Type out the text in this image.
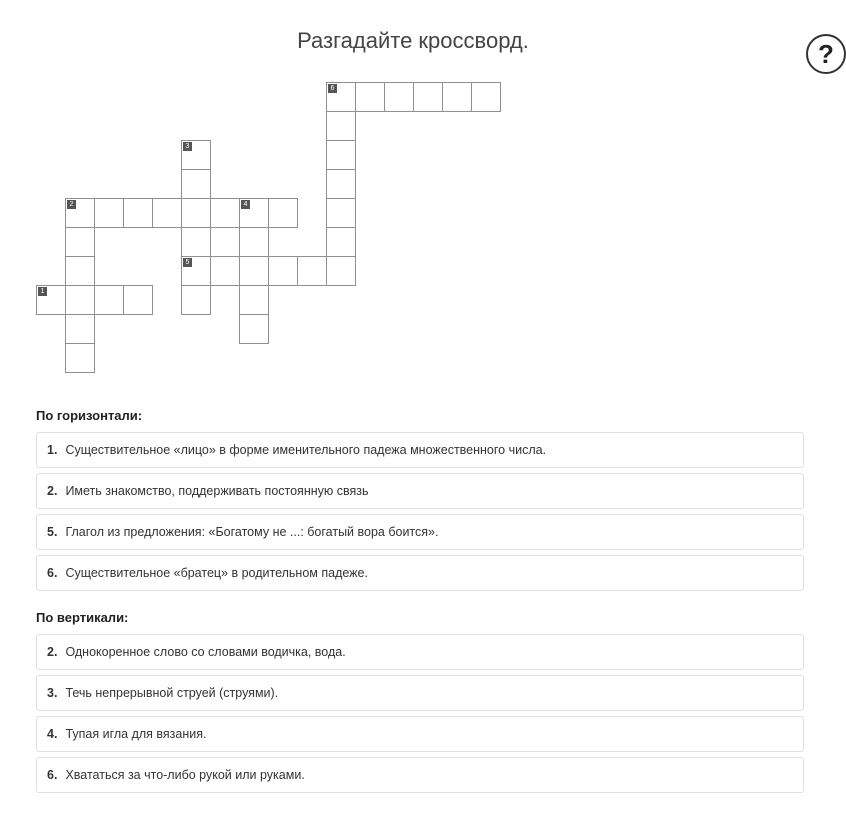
Разгадайте кроссворд.	?
6
3
2	4
5
1
По горизонтали:
1. Существительное «лицо» в форме именительного падежа множественного числа.
2. Иметь знакомство, поддерживать постоянную связь
5. Глагол из предложения: «Богатому не ...: богатый вора боится».
6. Существительное «братец» в родительном падеже.
По вертикали:
2. Однокоренное слово со словами водичка, вода.
3. Течь непрерывной струей (струями).
4. Тупая игла для вязания.
6. Хвататься за что-либо рукой или руками.
